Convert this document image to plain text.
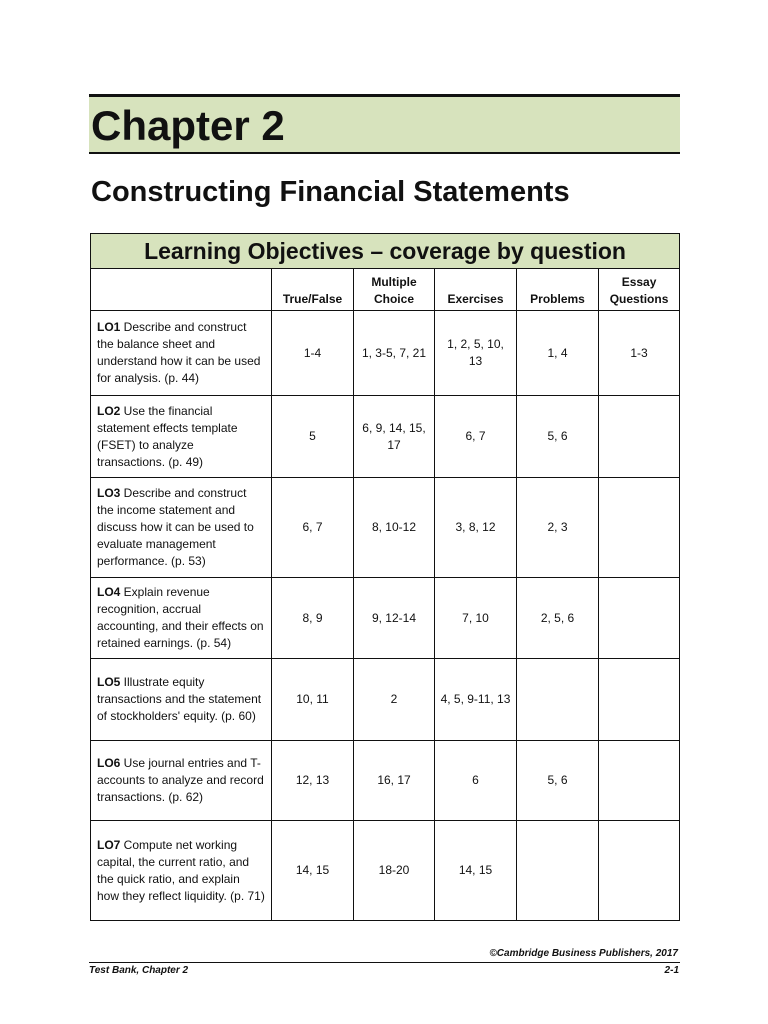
Chapter 2
Constructing Financial Statements
Learning Objectives – coverage by question					
	True/False	Multiple Choice	Exercises	Problems	Essay Questions
LO1 Describe and construct the balance sheet and understand how it can be used for analysis. (p. 44)	1-4	1, 3-5, 7, 21	1, 2, 5, 10, 13	1, 4	1-3
LO2 Use the financial statement effects template (FSET) to analyze transactions. (p. 49)	5	6, 9, 14, 15, 17	6, 7	5, 6	
LO3 Describe and construct the income statement and discuss how it can be used to evaluate management performance. (p. 53)	6, 7	8, 10-12	3, 8, 12	2, 3	
LO4 Explain revenue recognition, accrual accounting, and their effects on retained earnings. (p. 54)	8, 9	9, 12-14	7, 10	2, 5, 6	
LO5 Illustrate equity transactions and the statement of stockholders' equity. (p. 60)	10, 11	2	4, 5, 9-11, 13		
LO6 Use journal entries and T-accounts to analyze and record transactions. (p. 62)	12, 13	16, 17	6	5, 6	
LO7 Compute net working capital, the current ratio, and the quick ratio, and explain how they reflect liquidity. (p. 71)	14, 15	18-20	14, 15		

©Cambridge Business Publishers, 2017

Test Bank, Chapter 2	2-1
